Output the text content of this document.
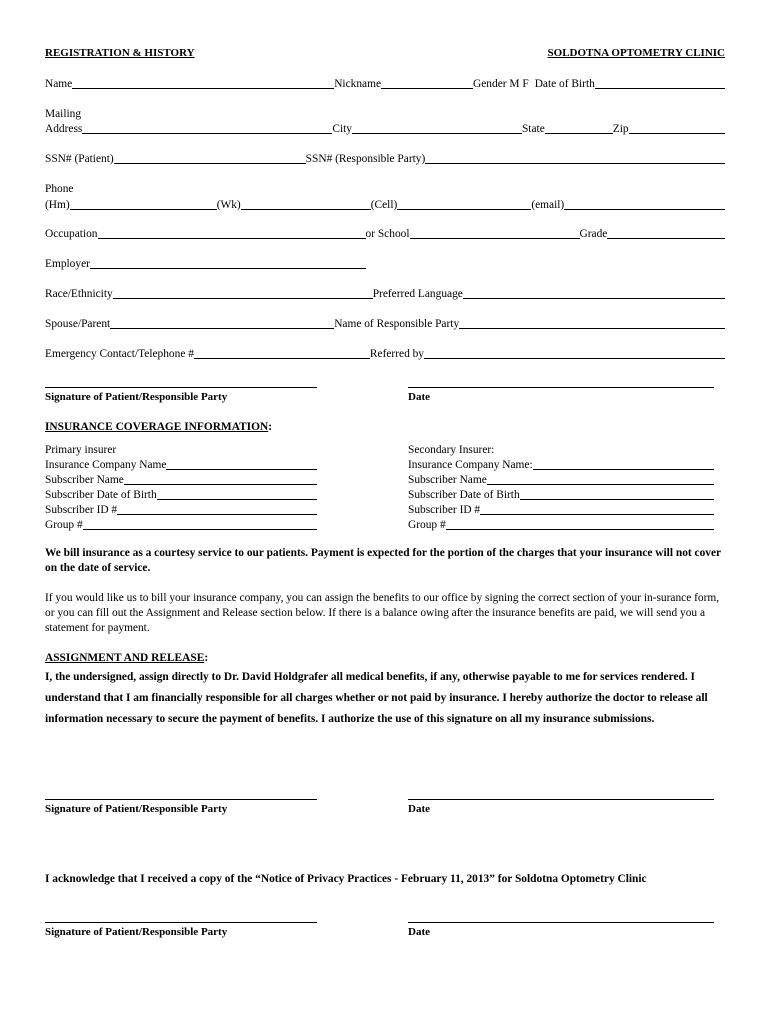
REGISTRATION & HISTORY	SOLDOTNA OPTOMETRY CLINIC
Name	Nickname	Gender M F Date of Birth
Mailing
Address	City	State	Zip
SSN# (Patient)	SSN# (Responsible Party)
Phone
(Hm)	(Wk)	(Cell)	(email)
Occupation	or School	Grade
Employer
Race/Ethnicity	Preferred Language
Spouse/Parent	Name of Responsible Party
Emergency Contact/Telephone #	Referred by
Signature of Patient/Responsible Party	Date
INSURANCE COVERAGE INFORMATION:
Primary insurer
Insurance Company Name
Subscriber Name
Subscriber Date of Birth
Subscriber ID #
Group #
Secondary Insurer:
Insurance Company Name:
Subscriber Name
Subscriber Date of Birth
Subscriber ID #
Group #
We bill insurance as a courtesy service to our patients. Payment is expected for the portion of the charges that your insurance will not cover on the date of service.
If you would like us to bill your insurance company, you can assign the benefits to our office by signing the correct section of your in-surance form, or you can fill out the Assignment and Release section below. If there is a balance owing after the insurance benefits are paid, we will send you a statement for payment.
ASSIGNMENT AND RELEASE:
I, the undersigned, assign directly to Dr. David Holdgrafer all medical benefits, if any, otherwise payable to me for services rendered. I understand that I am financially responsible for all charges whether or not paid by insurance. I hereby authorize the doctor to release all information necessary to secure the payment of benefits. I authorize the use of this signature on all my insurance submissions.
Signature of Patient/Responsible Party	Date
I acknowledge that I received a copy of the “Notice of Privacy Practices - February 11, 2013” for Soldotna Optometry Clinic
Signature of Patient/Responsible Party	Date
